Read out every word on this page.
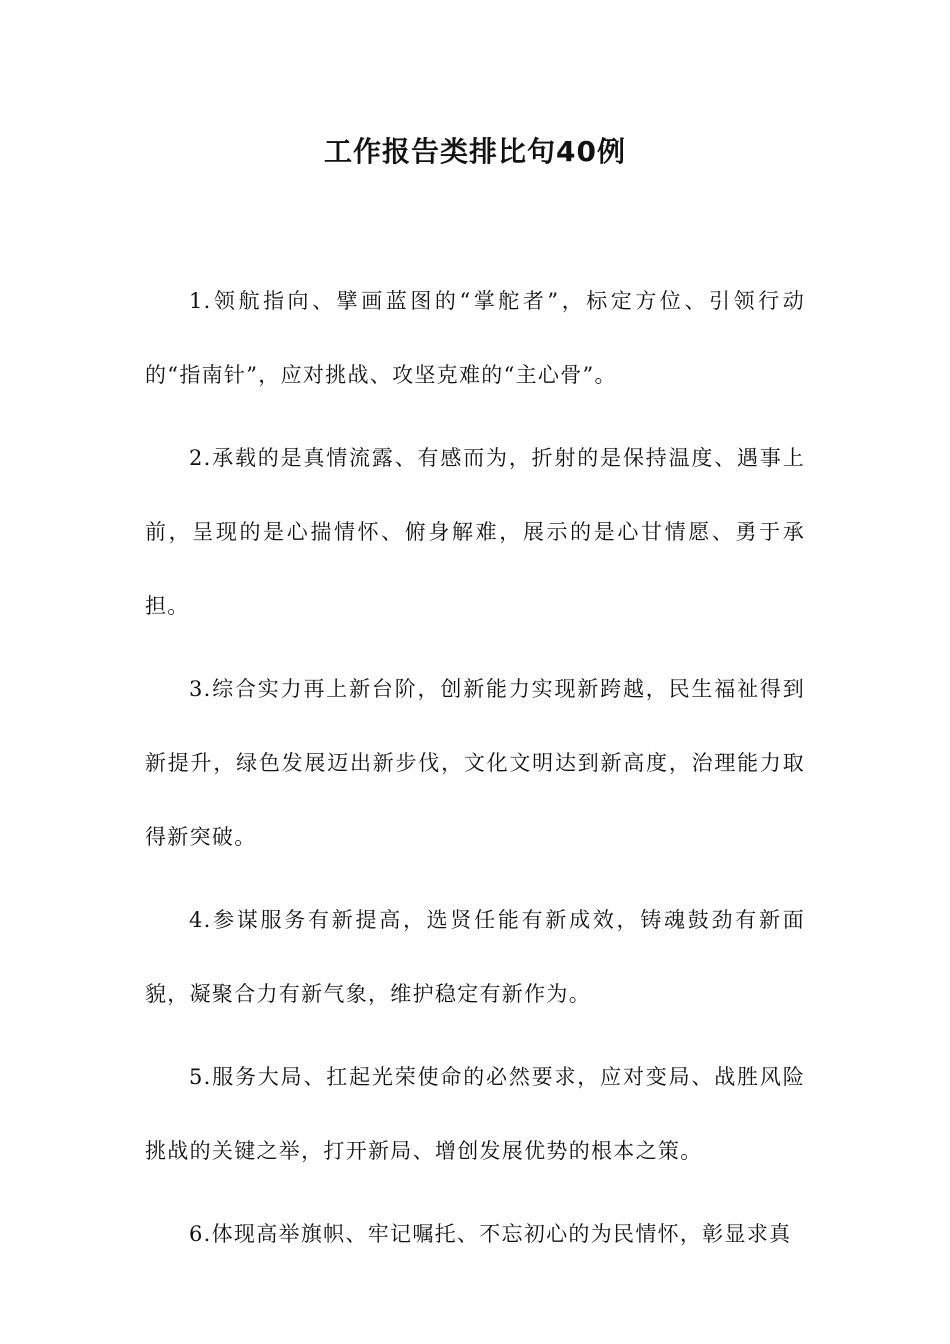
工作报告类排比句40例

1.领航指向、擘画蓝图的“掌舵者”，标定方位、引领行动的“指南针”，应对挑战、攻坚克难的“主心骨”。

2.承载的是真情流露、有感而为，折射的是保持温度、遇事上前，呈现的是心揣情怀、俯身解难，展示的是心甘情愿、勇于承担。

3.综合实力再上新台阶，创新能力实现新跨越，民生福祉得到新提升，绿色发展迈出新步伐，文化文明达到新高度，治理能力取得新突破。

4.参谋服务有新提高，选贤任能有新成效，铸魂鼓劲有新面貌，凝聚合力有新气象，维护稳定有新作为。

5.服务大局、扛起光荣使命的必然要求，应对变局、战胜风险挑战的关键之举，打开新局、增创发展优势的根本之策。

6.体现高举旗帜、牢记嘱托、不忘初心的为民情怀，彰显求真
